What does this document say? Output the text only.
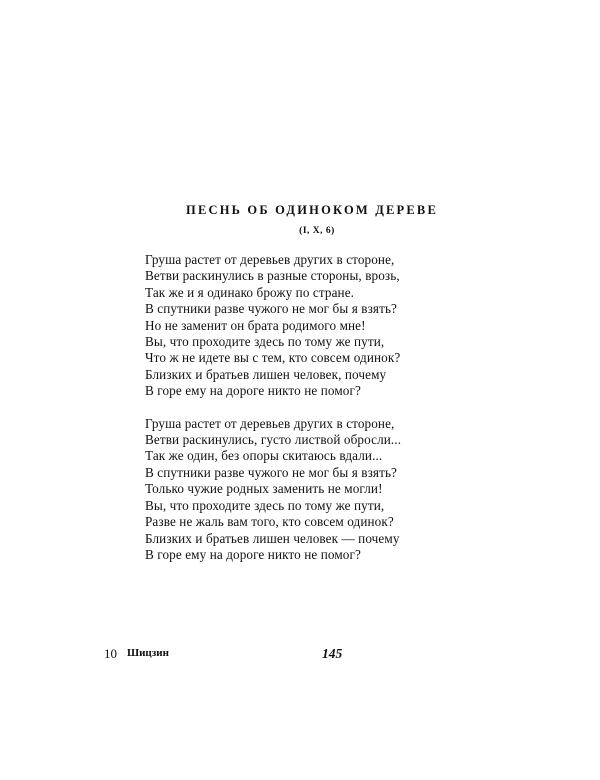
ПЕСНЬ ОБ ОДИНОКОМ ДЕРЕВЕ
(I, X, 6)
Груша растет от деревьев других в стороне,
Ветви раскинулись в разные стороны, врозь,
Так же и я одинако брожу по стране.
В спутники разве чужого не мог бы я взять?
Но не заменит он брата родимого мне!
Вы, что проходите здесь по тому же пути,
Что ж не идете вы с тем, кто совсем одинок?
Близких и братьев лишен человек, почему
В горе ему на дороге никто не помог?
Груша растет от деревьев других в стороне,
Ветви раскинулись, густо листвой обросли...
Так же один, без опоры скитаюсь вдали...
В спутники разве чужого не мог бы я взять?
Только чужие родных заменить не могли!
Вы, что проходите здесь по тому же пути,
Разве не жаль вам того, кто совсем одинок?
Близких и братьев лишен человек — почему
В горе ему на дороге никто не помог?
10 Шицзин	145
